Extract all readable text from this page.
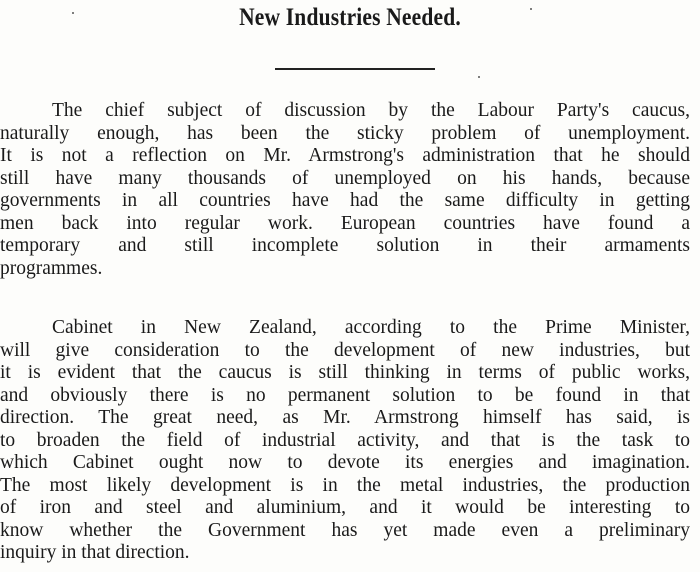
New Industries Needed.
The chief subject of discussion by the Labour Party's caucus,
naturally enough, has been the sticky problem of unemployment.
It is not a reflection on Mr. Armstrong's administration that he should
still have many thousands of unemployed on his hands, because
governments in all countries have had the same difficulty in getting
men back into regular work. European countries have found a
temporary and still incomplete solution in their armaments
programmes.
Cabinet in New Zealand, according to the Prime Minister,
will give consideration to the development of new industries, but
it is evident that the caucus is still thinking in terms of public works,
and obviously there is no permanent solution to be found in that
direction. The great need, as Mr. Armstrong himself has said, is
to broaden the field of industrial activity, and that is the task to
which Cabinet ought now to devote its energies and imagination.
The most likely development is in the metal industries, the production
of iron and steel and aluminium, and it would be interesting to
know whether the Government has yet made even a preliminary
inquiry in that direction.
